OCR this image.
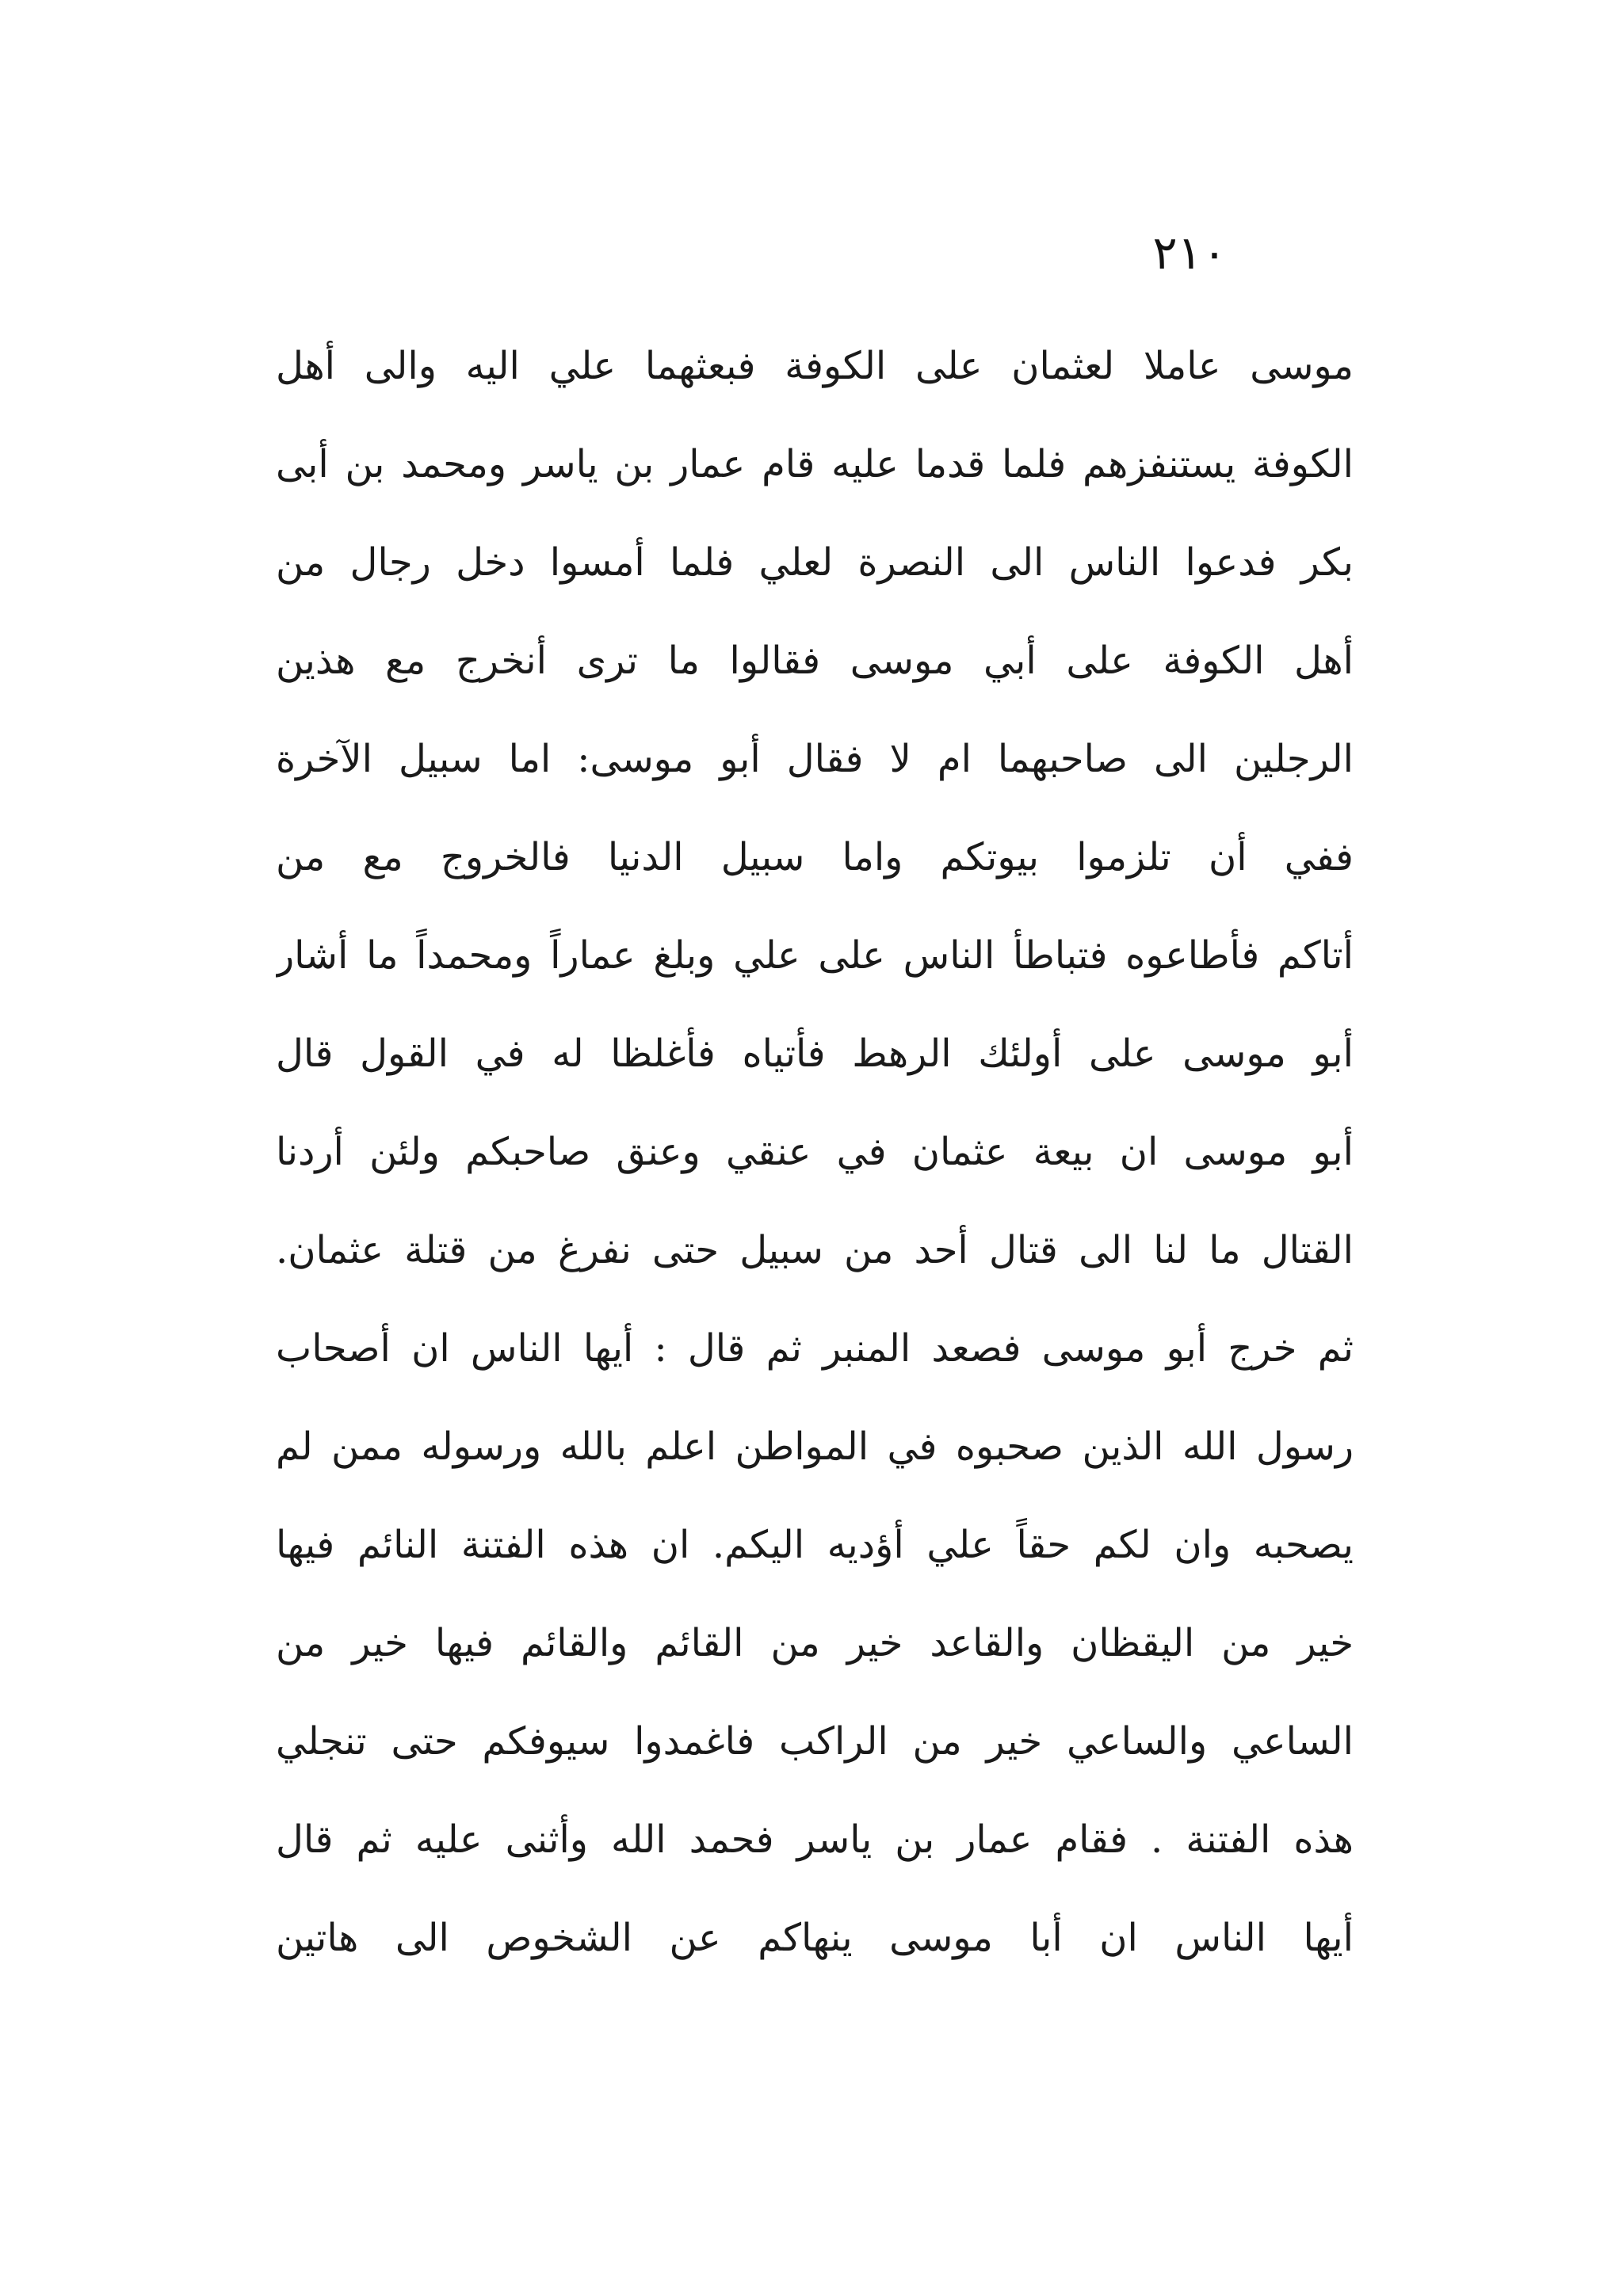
٢١٠
موسى عاملا لعثمان على الكوفة فبعثهما علي اليه والى أهل
الكوفة يستنفزهم فلما قدما عليه قام عمار بن ياسر ومحمد بن أبى
بكر فدعوا الناس الى النصرة لعلي فلما أمسوا دخل رجال من
أهل الكوفة على أبي موسى فقالوا ما ترى أنخرج مع هذين
الرجلين الى صاحبهما ام لا فقال أبو موسى: اما سبيل الآخرة
ففي أن تلزموا بيوتكم واما سبيل الدنيا فالخروج مع من
أتاكم فأطاعوه فتباطأ الناس على علي وبلغ عماراً ومحمداً ما أشار
أبو موسى على أولئك الرهط فأتياه فأغلظا له في القول قال
أبو موسى ان بيعة عثمان في عنقي وعنق صاحبكم ولئن أردنا
القتال ما لنا الى قتال أحد من سبيل حتى نفرغ من قتلة عثمان.
ثم خرج أبو موسى فصعد المنبر ثم قال : أيها الناس ان أصحاب
رسول الله الذين صحبوه في المواطن اعلم بالله ورسوله ممن لم
يصحبه وان لكم حقاً علي أؤديه اليكم. ان هذه الفتنة النائم فيها
خير من اليقظان والقاعد خير من القائم والقائم فيها خير من
الساعي والساعي خير من الراكب فاغمدوا سيوفكم حتى تنجلي
هذه الفتنة . فقام عمار بن ياسر فحمد الله وأثنى عليه ثم قال
أيها الناس ان أبا موسى ينهاكم عن الشخوص الى هاتين
